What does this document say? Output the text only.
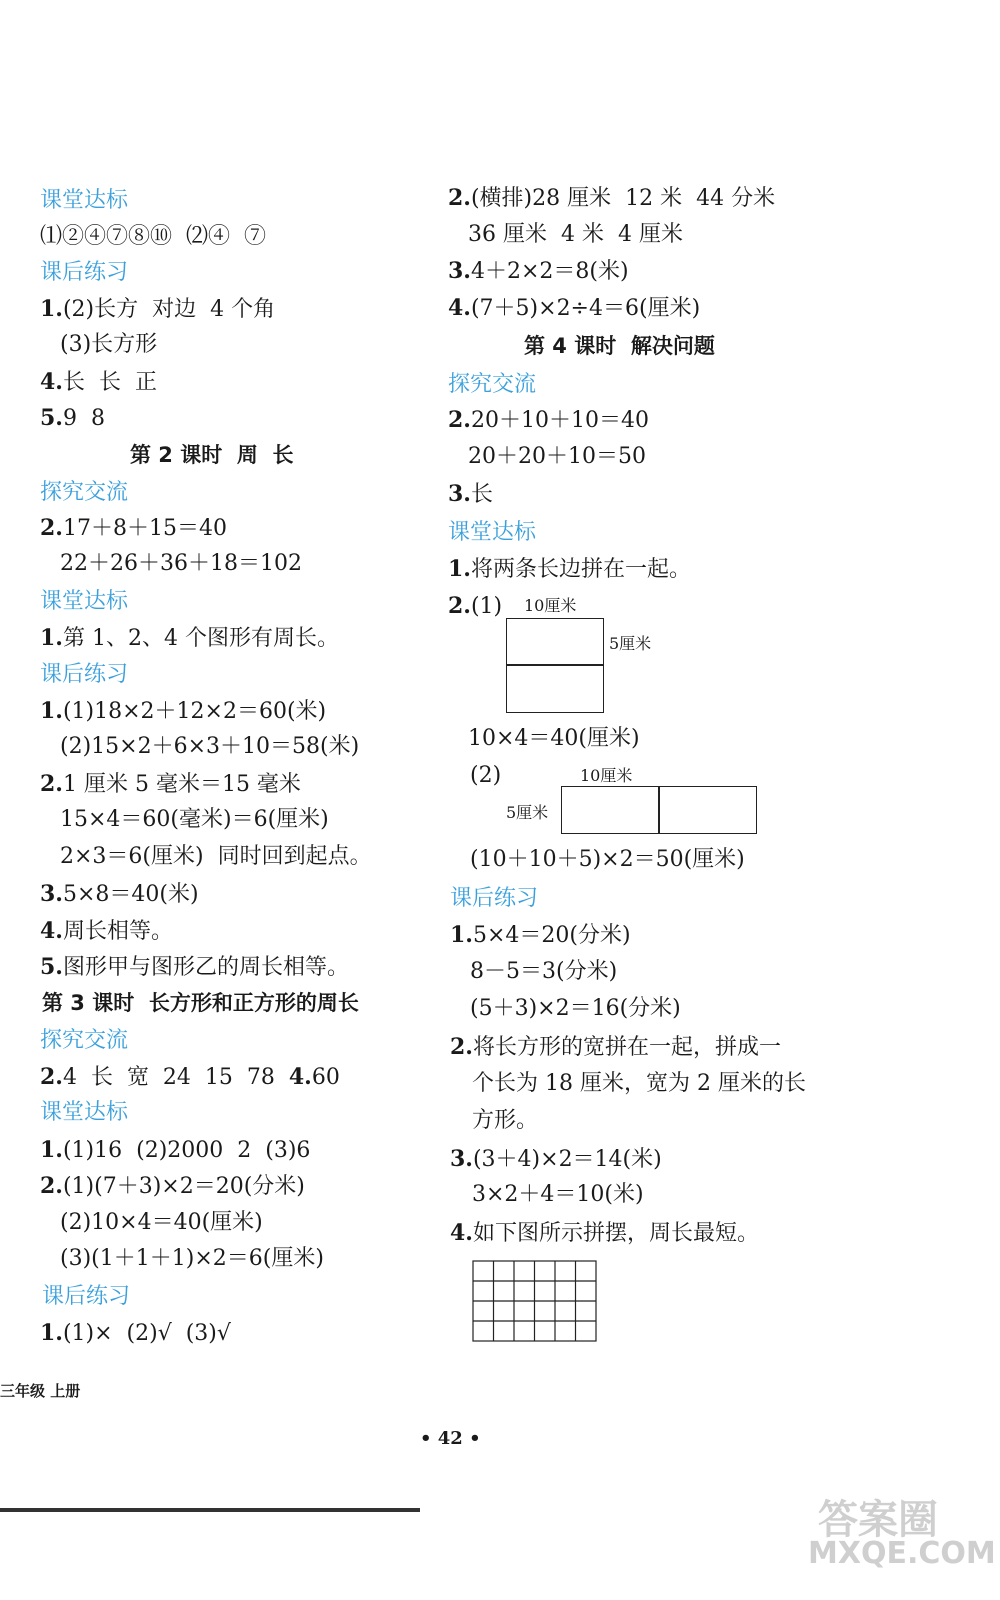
课堂达标
⑴②④⑦⑧⑩  ⑵④  ⑦
课后练习
1.(2)长方  对边  4 个角
(3)长方形
4.长  长  正
5.9  8
第 2 课时  周  长
探究交流
2.17＋8＋15＝40
22＋26＋36＋18＝102
课堂达标
1.第 1、2、4 个图形有周长。
课后练习
1.(1)18×2＋12×2＝60(米)
(2)15×2＋6×3＋10＝58(米)
2.1 厘米 5 毫米＝15 毫米
15×4＝60(毫米)＝6(厘米)
2×3＝6(厘米)  同时回到起点。
3.5×8＝40(米)
4.周长相等。
5.图形甲与图形乙的周长相等。
第 3 课时  长方形和正方形的周长
探究交流
2.4  长  宽  24  15  78  4.60
课堂达标
1.(1)16  (2)2000  2  (3)6
2.(1)(7＋3)×2＝20(分米)
(2)10×4＝40(厘米)
(3)(1＋1＋1)×2＝6(厘米)
课后练习
1.(1)×  (2)√  (3)√
2.(横排)28 厘米  12 米  44 分米
36 厘米  4 米  4 厘米
3.4＋2×2＝8(米)
4.(7＋5)×2÷4＝6(厘米)
第 4 课时  解决问题
探究交流
2.20＋10＋10＝40
20＋20＋10＝50
3.长
课堂达标
1.将两条长边拼在一起。
2.(1) 10厘米
5厘米
10×4＝40(厘米)
(2)	10厘米
5厘米
(10＋10＋5)×2＝50(厘米)
课后练习
1.5×4＝20(分米)
8－5＝3(分米)
(5＋3)×2＝16(分米)
2.将长方形的宽拼在一起，拼成一
个长为 18 厘米，宽为 2 厘米的长
方形。
3.(3＋4)×2＝14(米)
3×2＋4＝10(米)
4.如下图所示拼摆，周长最短。
三年级 上册
• 42 •
答案圈
MXQE.COM
